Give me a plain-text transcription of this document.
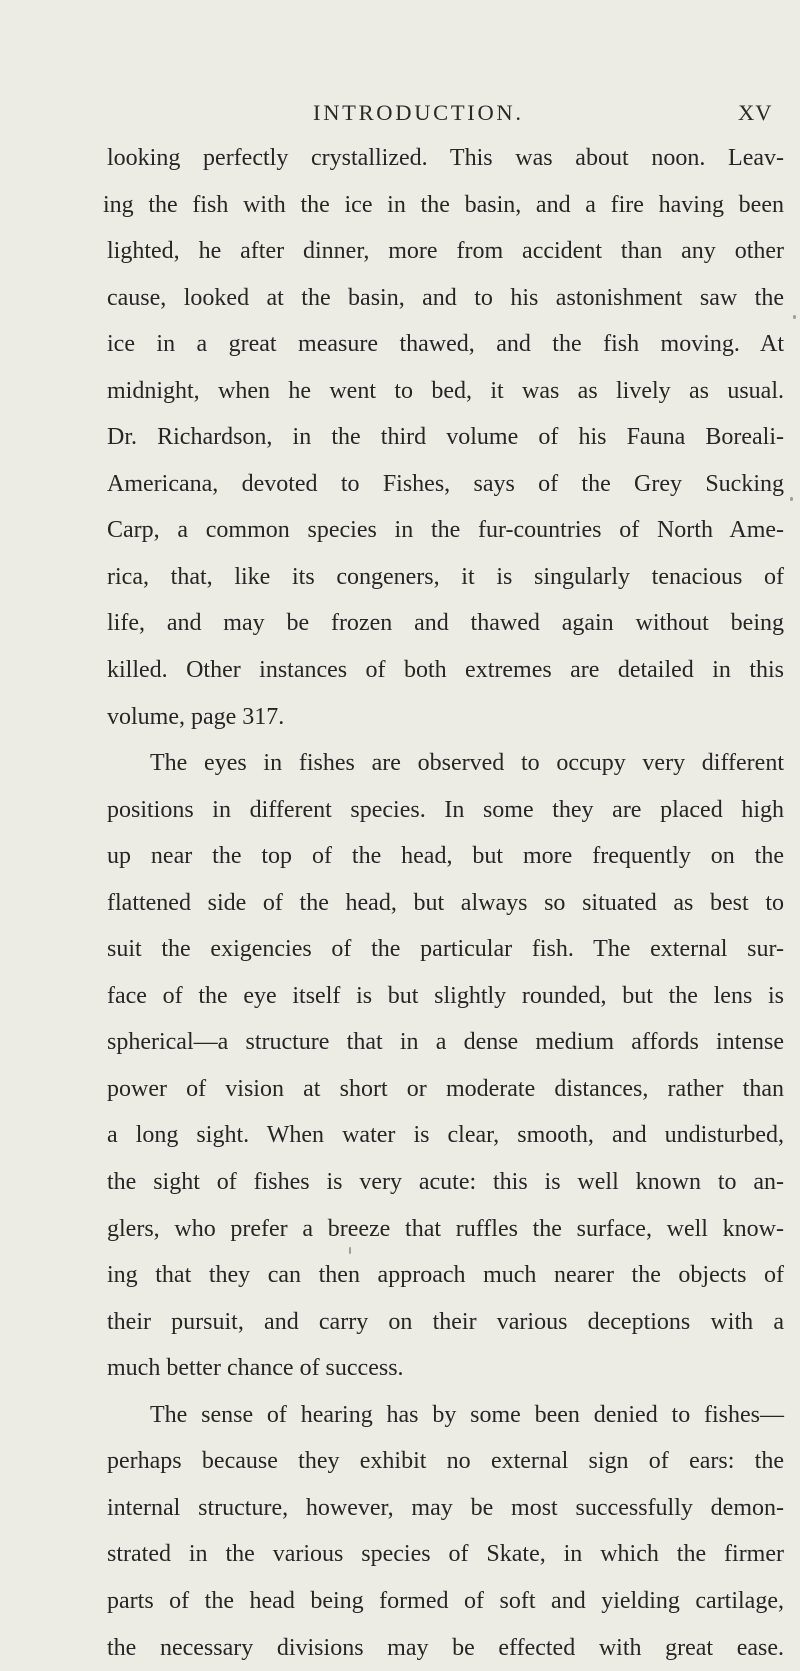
INTRODUCTION.	XV
looking perfectly crystallized. This was about noon. Leav-
ing the fish with the ice in the basin, and a fire having been
lighted, he after dinner, more from accident than any other
cause, looked at the basin, and to his astonishment saw the
ice in a great measure thawed, and the fish moving. At
midnight, when he went to bed, it was as lively as usual.
Dr. Richardson, in the third volume of his Fauna Boreali-
Americana, devoted to Fishes, says of the Grey Sucking
Carp, a common species in the fur-countries of North Ame-
rica, that, like its congeners, it is singularly tenacious of
life, and may be frozen and thawed again without being
killed. Other instances of both extremes are detailed in this
volume, page 317.
The eyes in fishes are observed to occupy very different
positions in different species. In some they are placed high
up near the top of the head, but more frequently on the
flattened side of the head, but always so situated as best to
suit the exigencies of the particular fish. The external sur-
face of the eye itself is but slightly rounded, but the lens is
spherical—a structure that in a dense medium affords intense
power of vision at short or moderate distances, rather than
a long sight. When water is clear, smooth, and undisturbed,
the sight of fishes is very acute: this is well known to an-
glers, who prefer a breeze that ruffles the surface, well know-
ing that they can then approach much nearer the objects of
their pursuit, and carry on their various deceptions with a
much better chance of success.
The sense of hearing has by some been denied to fishes—
perhaps because they exhibit no external sign of ears: the
internal structure, however, may be most successfully demon-
strated in the various species of Skate, in which the firmer
parts of the head being formed of soft and yielding cartilage,
the necessary divisions may be effected with great ease.
